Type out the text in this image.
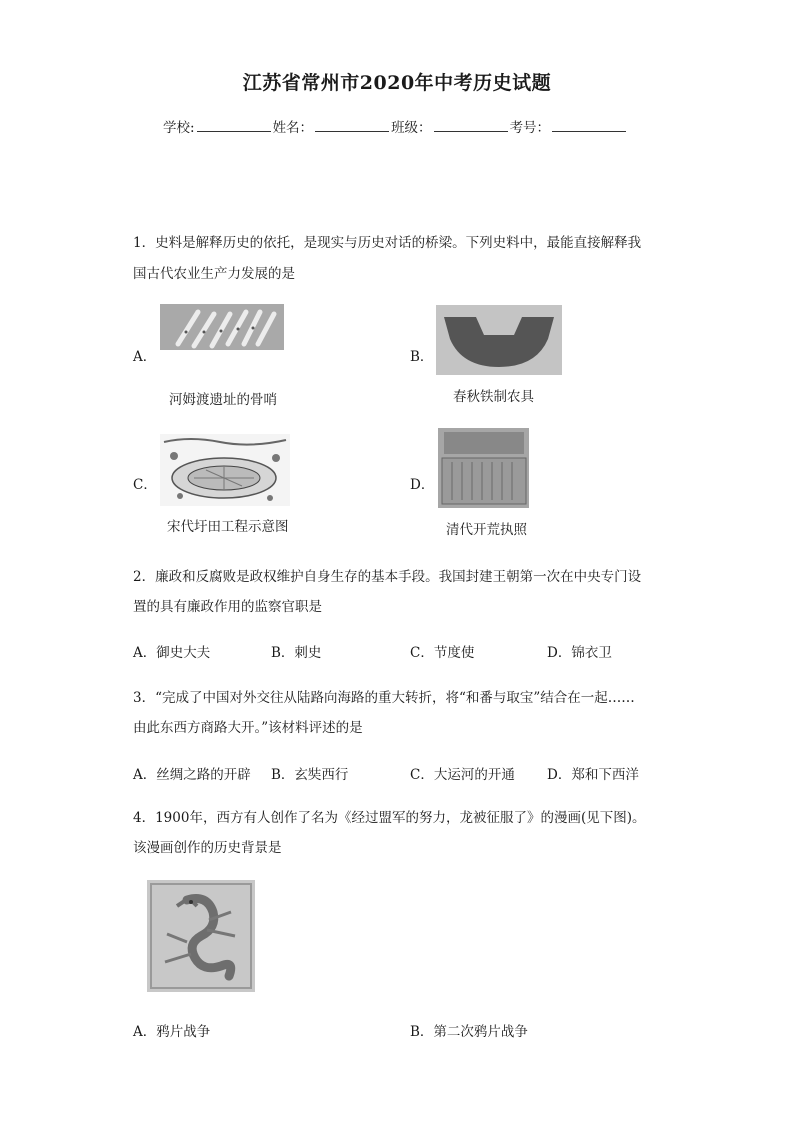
江苏省常州市2020年中考历史试题
学校:	姓名：	班级：	考号：
1．史料是解释历史的依托，是现实与历史对话的桥梁。下列史料中，最能直接解释我
国古代农业生产力发展的是
A．
河姆渡遗址的骨哨
B．
春秋铁制农具
C．
宋代圩田工程示意图
D．
清代开荒执照
2．廉政和反腐败是政权维护自身生存的基本手段。我国封建王朝第一次在中央专门设
置的具有廉政作用的监察官职是
A．御史大夫	B．刺史	C．节度使	D．锦衣卫
3．“完成了中国对外交往从陆路向海路的重大转折，将“和番与取宝”结合在一起……
由此东西方商路大开。”该材料评述的是
A．丝绸之路的开辟 B．玄奘西行	C．大运河的开通 D．郑和下西洋
4．1900年，西方有人创作了名为《经过盟军的努力，龙被征服了》的漫画(见下图)。
该漫画创作的历史背景是
A．鸦片战争	B．第二次鸦片战争
